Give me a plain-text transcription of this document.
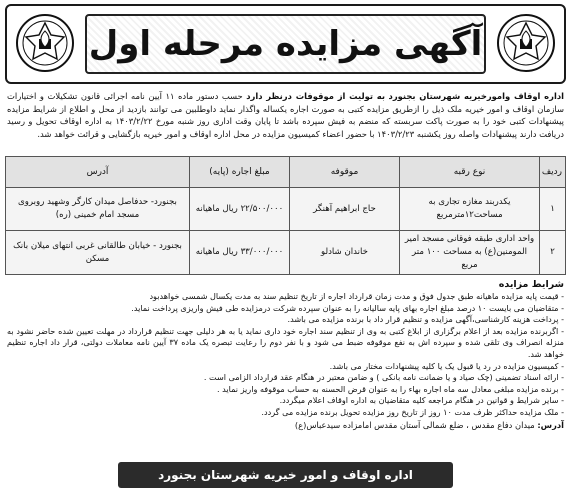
آگهی مزایده مرحله اول
اداره اوقاف وامورخیریه شهرستان بجنورد به تولیت از موقوفات درنظر دارد حسب دستور ماده ۱۱ آیین نامه اجرائی قانون تشکیلات و اختیارات سازمان اوقاف و امور خیریه ملک ذیل را ازطریق مزایده کتبی به صورت اجاره یکساله واگذار نماید داوطلبین می توانند بازدید از محل و اطلاع از شرایط مزایده پیشنهادات کتبی خود را به صورت پاکت سربسته که منضم به فیش سپرده باشد تا پایان وقت اداری روز شنبه مورخ ۱۴۰۳/۲/۲۲ به اداره اوقاف تحویل و رسید دریافت دارند پیشنهادات واصله روز یکشنبه ۱۴۰۳/۲/۲۳ با حضور اعضاء کمیسیون مزایده در محل اداره اوقاف و امور خیریه بازگشایی و قرائت خواهد شد.
ردیف	نوع رقبه	موقوفه	مبلغ اجاره (پایه)	آدرس
۱	یکدربند مغازه تجاری به مساحت۱۲مترمربع	حاج ابراهیم آهنگر	۲۲/۵۰۰/۰۰۰ ریال ماهیانه	بجنورد- حدفاصل میدان کارگر وشهید روبروی مسجد امام خمینی (ره)
۲	واحد اداری طبقه فوقانی مسجد امیر المومنین(ع) به مساحت ۱۰۰ متر مربع	خاندان شادلو	۳۳/۰۰۰/۰۰۰ ریال ماهیانه	بجنورد - خیابان طالقانی غربی انتهای میلان بانک مسکن
شرایط مزایده
- قیمت پایه مزایده ماهیانه طبق جدول فوق و مدت زمان قرارداد اجاره از تاریخ تنظیم سند به مدت یکسال شمسی خواهدبود
- متقاضیان می بایست ۱۰ درصد مبلغ اجاره بهای پایه سالیانه را به عنوان سپرده شرکت درمزایده طی فیش واریزی پرداخت نماید.
- پرداخت هزینه کارشناسی،آگهی مزایده و تنظیم قرار داد با برنده مزایده می باشد.
- اگربرنده مزایده بعد از اعلام برگزاری از ابلاغ کتبی به وی از تنظیم سند اجاره خود داری نماید یا به هر دلیلی جهت تنظیم قرارداد در مهلت تعیین شده حاضر نشود به منزله انصراف وی تلقی شده و سپرده اش به نفع موقوفه ضبط می شود و با نفر دوم را رعایت تبصره یک ماده ۳۷ آیین نامه معاملات دولتی، قرار داد اجاره تنظیم خواهد شد.
- کمیسیون مزایده در رد یا قبول یک یا کلیه پیشنهادات مختار می باشد.
- ارائه اسناد تضمینی (چک صیاد و یا ضمانت نامه بانکی ) و ضامن معتبر در هنگام عقد قرارداد الزامی است .
- برنده مزایده مبلغی معادل سه ماه اجاره بهاء را به عنوان قرض الحسنه به حساب موقوفه واریز نماید .
- سایر شرایط و قوانین در هنگام مراجعه کلیه متقاضیان به اداره اوقاف اعلام میگردد.
- ملک مزایده حداکثر ظرف مدت ۱۰ روز از تاریخ روز مزایده تحویل برنده مزایده می گردد.
آدرس: میدان دفاع مقدس ، ضلع شمالی آستان مقدس امامزاده سیدعباس(ع)
اداره اوقاف و امور خیریه شهرستان بجنورد
